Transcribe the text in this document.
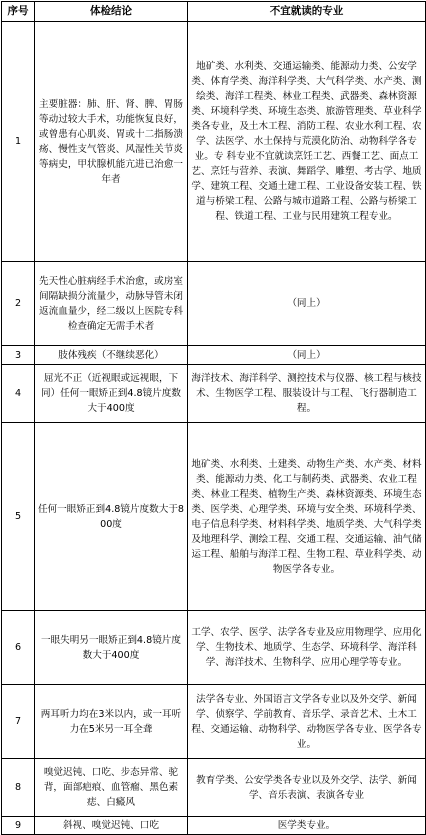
序号	体检结论	不宜就读的专业
1	主要脏器：肺、肝、肾、脾、胃肠等动过较大手术，功能恢复良好，或曾患有心肌炎、胃或十二指肠溃疡、慢性支气管炎、风湿性关节炎等病史，甲状腺机能亢进已治愈一年者	地矿类、水利类、交通运输类、能源动力类、公安学类、体育学类、海洋科学类、大气科学类、水产类、测绘类、海洋工程类、林业工程类、武器类、森林资源类、环境科学类、环境生态类、旅游管理类、草业科学类各专业，及土木工程、消防工程、农业水利工程、农学、法医学、水土保持与荒漠化防治、动物科学各专业。专 科专业不宜就读烹饪工艺、西餐工艺、面点工艺、烹饪与营养、表演、舞蹈学、雕塑、考古学、地质学、建筑工程、交通土建工程、工业设备安装工程、铁道与桥梁工程、公路与城市道路工程、公路与桥梁工程、铁道工程、工业与民用建筑工程专业。
2	先天性心脏病经手术治愈，或房室间隔缺损分流量少，动脉导管未闭返流血量少，经二级以上医院专科检查确定无需手术者	（同上）
3	肢体残疾（不继续恶化）	（同上）
4	屈光不正（近视眼或远视眼，下同）任何一眼矫正到4.8镜片度数大于400度	海洋技术、海洋科学、测控技术与仪器、核工程与核技术、生物医学工程、服装设计与工程、飞行器制造工程。
5	任何一眼矫正到4.8镜片度数大于800度	地矿类、水利类、土建类、动物生产类、水产类、材料类、能源动力类、化工与制药类、武器类、农业工程类、林业工程类、植物生产类、森林资源类、环境生态 类、医学类、心理学类、环境与安全类、环境科学类、电子信息科学类、材料科学类、地质学类、大气科学类及地理科学、测绘工程、交通工程、交通运输、油气储 运工程、船舶与海洋工程、生物工程、草业科学类、动物医学各专业。
6	一眼失明另一眼矫正到4.8镜片度数大于400度	工学、农学、医学、法学各专业及应用物理学、应用化学、生物技术、地质学、生态学、环境科学、海洋科学、海洋技术、生物科学、应用心理学等专业。
7	两耳听力均在3米以内，或一耳听力在5米另一耳全聋	法学各专业、外国语言文学各专业以及外交学、新闻学、侦察学、学前教育、音乐学、录音艺术、土木工程、交通运输、动物科学、动物医学各专业、医学各专业。
8	嗅觉迟钝、口吃、步态异常、驼背，面部疤痕、血管瘤、黑色素痣、白癜风	教育学类、公安学类各专业以及外交学、法学、新闻学、音乐表演、表演各专业
9	斜视、嗅觉迟钝、口吃	医学类专业。
